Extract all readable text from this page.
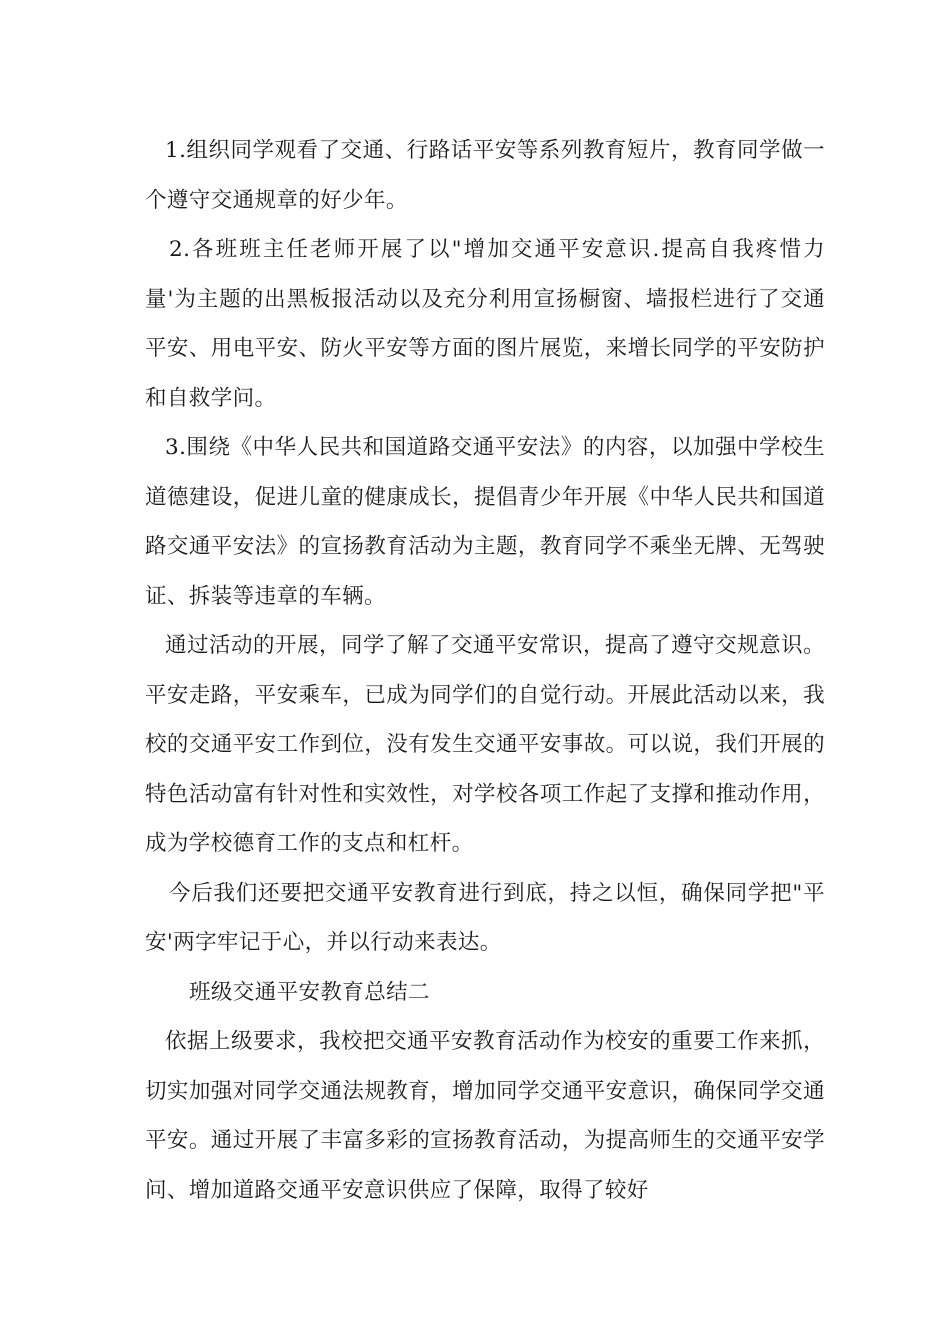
1.组织同学观看了交通、行路话平安等系列教育短片，教育同学做一个遵守交通规章的好少年。

2.各班班主任老师开展了以"增加交通平安意识.提高自我疼惜力量'为主题的出黑板报活动以及充分利用宣扬橱窗、墙报栏进行了交通平安、用电平安、防火平安等方面的图片展览，来增长同学的平安防护和自救学问。

3.围绕《中华人民共和国道路交通平安法》的内容，以加强中学校生道德建设，促进儿童的健康成长，提倡青少年开展《中华人民共和国道路交通平安法》的宣扬教育活动为主题，教育同学不乘坐无牌、无驾驶证、拆装等违章的车辆。

通过活动的开展，同学了解了交通平安常识，提高了遵守交规意识。平安走路，平安乘车，已成为同学们的自觉行动。开展此活动以来，我校的交通平安工作到位，没有发生交通平安事故。可以说，我们开展的特色活动富有针对性和实效性，对学校各项工作起了支撑和推动作用，成为学校德育工作的支点和杠杆。

今后我们还要把交通平安教育进行到底，持之以恒，确保同学把"平安'两字牢记于心，并以行动来表达。

班级交通平安教育总结二

依据上级要求，我校把交通平安教育活动作为校安的重要工作来抓，切实加强对同学交通法规教育，增加同学交通平安意识，确保同学交通平安。通过开展了丰富多彩的宣扬教育活动，为提高师生的交通平安学问、增加道路交通平安意识供应了保障，取得了较好
